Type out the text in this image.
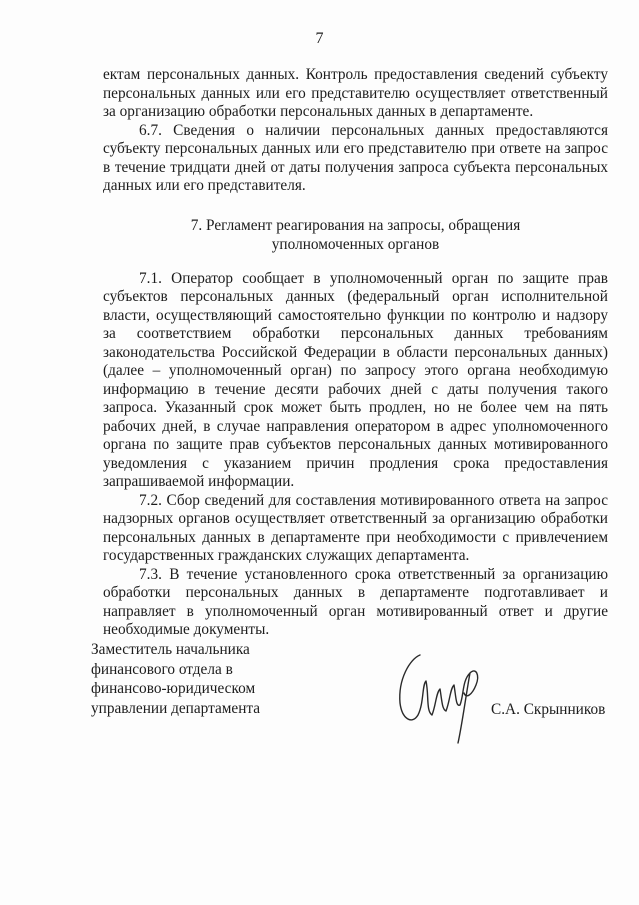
7

ектам персональных данных. Контроль предоставления сведений субъекту персональных данных или его представителю осуществляет ответственный за организацию обработки персональных данных в департаменте.

6.7. Сведения о наличии персональных данных предоставляются субъекту персональных данных или его представителю при ответе на запрос в течение тридцати дней от даты получения запроса субъекта персональных данных или его представителя.

7. Регламент реагирования на запросы, обращения
уполномоченных органов

7.1. Оператор сообщает в уполномоченный орган по защите прав субъектов персональных данных (федеральный орган исполнительной власти, осуществляющий самостоятельно функции по контролю и надзору за соответствием обработки персональных данных требованиям законодательства Российской Федерации в области персональных данных) (далее – уполномоченный орган) по запросу этого органа необходимую информацию в течение десяти рабочих дней с даты получения такого запроса. Указанный срок может быть продлен, но не более чем на пять рабочих дней, в случае направления оператором в адрес уполномоченного органа по защите прав субъектов персональных данных мотивированного уведомления с указанием причин продления срока предоставления запрашиваемой информации.

7.2. Сбор сведений для составления мотивированного ответа на запрос надзорных органов осуществляет ответственный за организацию обработки персональных данных в департаменте при необходимости с привлечением государственных гражданских служащих департамента.

7.3. В течение установленного срока ответственный за организацию обработки персональных данных в департаменте подготавливает и направляет в уполномоченный орган мотивированный ответ и другие необходимые документы.

Заместитель начальника
финансового отдела в
финансово-юридическом
управлении департамента	С.А. Скрынников
